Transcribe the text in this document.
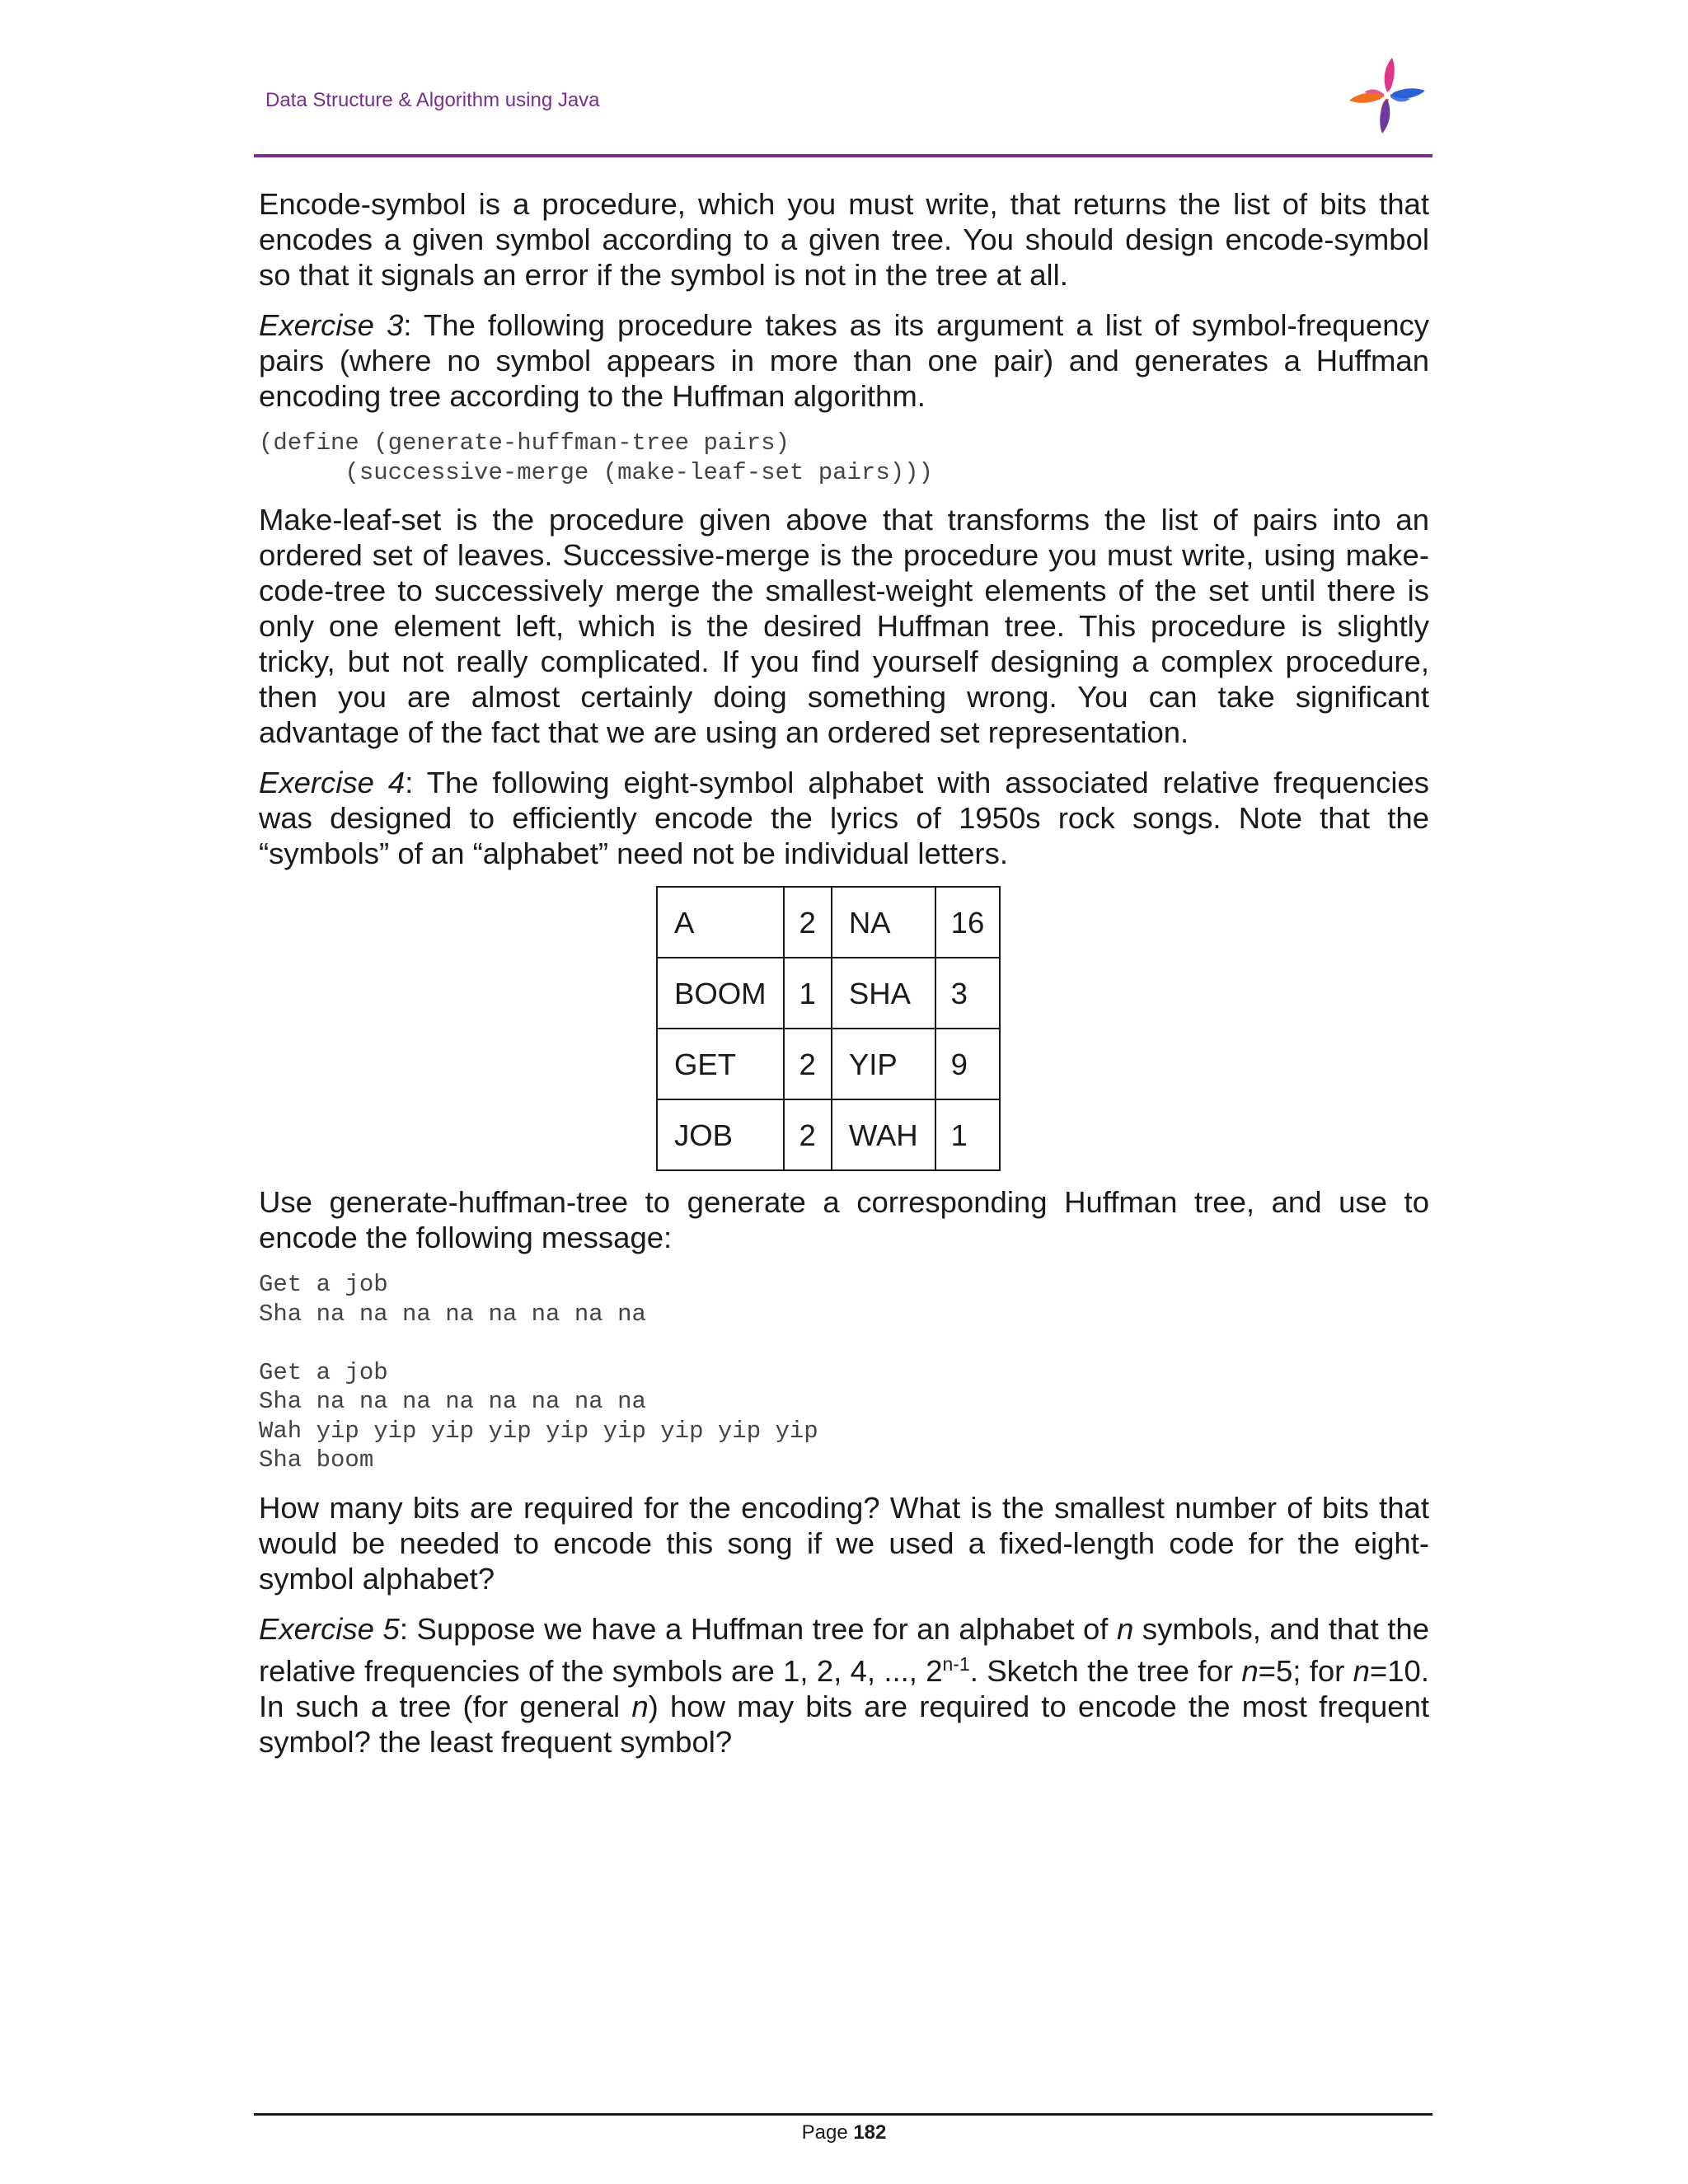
Data Structure & Algorithm using Java

Encode-symbol is a procedure, which you must write, that returns the list of bits that encodes a given symbol according to a given tree. You should design encode-symbol so that it signals an error if the symbol is not in the tree at all.

Exercise 3: The following procedure takes as its argument a list of symbol-frequency pairs (where no symbol appears in more than one pair) and generates a Huffman encoding tree according to the Huffman algorithm.

(define (generate-huffman-tree pairs)
(successive-merge (make-leaf-set pairs)))

Make-leaf-set is the procedure given above that transforms the list of pairs into an ordered set of leaves. Successive-merge is the procedure you must write, using make-code-tree to successively merge the smallest-weight elements of the set until there is only one element left, which is the desired Huffman tree. This procedure is slightly tricky, but not really complicated. If you find yourself designing a complex procedure, then you are almost certainly doing something wrong. You can take significant advantage of the fact that we are using an ordered set representation.

Exercise 4: The following eight-symbol alphabet with associated relative frequencies was designed to efficiently encode the lyrics of 1950s rock songs. Note that the “symbols” of an “alphabet” need not be individual letters.

A	2	NA	16
BOOM	1	SHA	3
GET	2	YIP	9
JOB	2	WAH	1

Use generate-huffman-tree to generate a corresponding Huffman tree, and use to encode the following message:

Get a job
Sha na na na na na na na na

Get a job
Sha na na na na na na na na
Wah yip yip yip yip yip yip yip yip yip
Sha boom

How many bits are required for the encoding? What is the smallest number of bits that would be needed to encode this song if we used a fixed-length code for the eight-symbol alphabet?

Exercise 5: Suppose we have a Huffman tree for an alphabet of n symbols, and that the relative frequencies of the symbols are 1, 2, 4, ..., 2$^{n-1}$. Sketch the tree for n=5; for n=10. In such a tree (for general n) how may bits are required to encode the most frequent symbol? the least frequent symbol?

Page 182
